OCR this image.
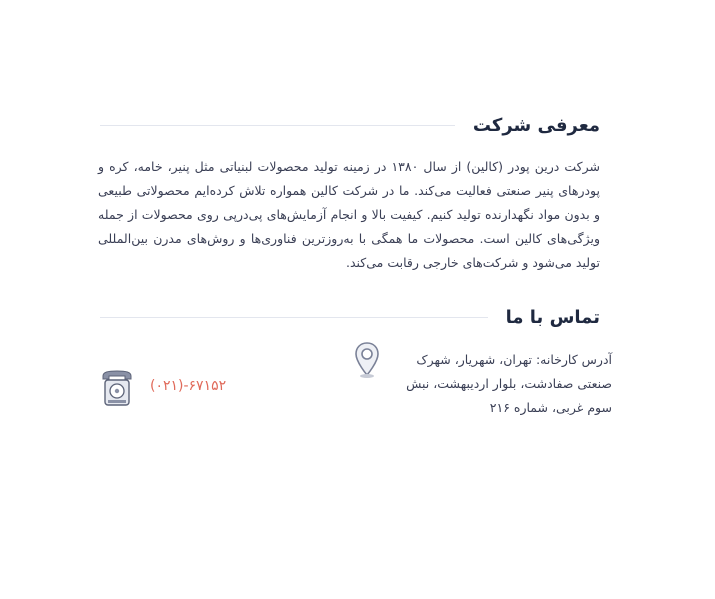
معرفی شرکت

شرکت درین پودر (کالین) از سال ۱۳۸۰ در زمینه تولید محصولات لبنیاتی مثل پنیر، خامه، کره و پودرهای پنیر صنعتی فعالیت می‌کند. ما در شرکت کالین همواره تلاش کرده‌ایم محصولاتی طبیعی و بدون مواد نگهدارنده تولید کنیم. کیفیت بالا و انجام آزمایش‌های پی‌درپی روی محصولات از جمله ویژگی‌های کالین است. محصولات ما همگی با به‌روزترین فناوری‌ها و روش‌های مدرن بین‌المللی تولید می‌شود و شرکت‌های خارجی رقابت می‌کند.

تماس با ما
آدرس کارخانه: تهران، شهریار، شهرک صنعتی صفادشت، بلوار اردیبهشت، نبش سوم غربی، شماره ۲۱۶
(۰۲۱)-۶۷۱۵۲
